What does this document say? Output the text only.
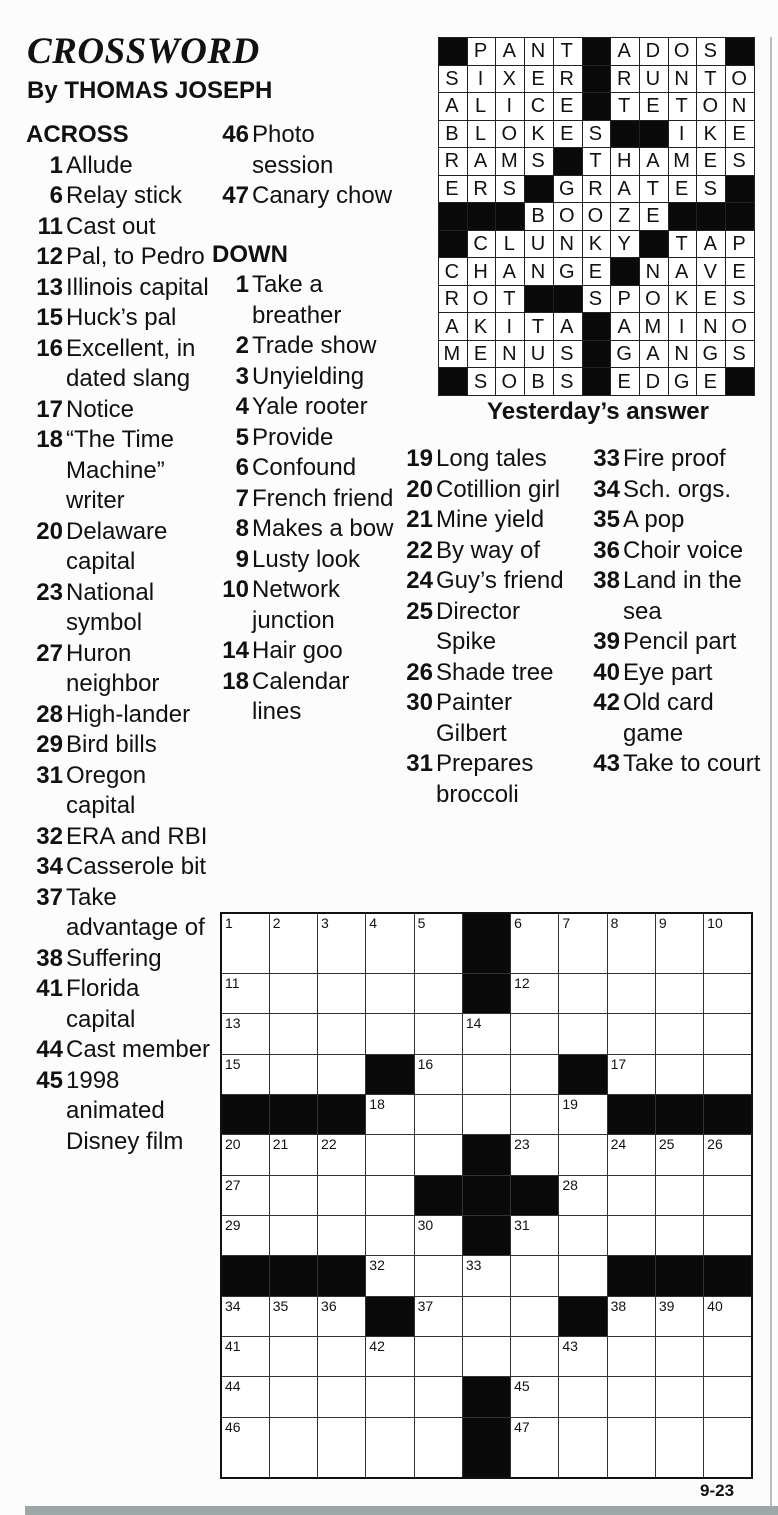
CROSSWORD
By THOMAS JOSEPH
ACROSS
1 Allude
6 Relay stick
11 Cast out
12 Pal, to Pedro
13 Illinois capital
15 Huck’s pal
16 Excellent, in dated slang
17 Notice
18 “The Time Machine” writer
20 Delaware capital
23 National symbol
27 Huron neighbor
28 High-lander
29 Bird bills
31 Oregon capital
32 ERA and RBI
34 Casserole bit
37 Take advantage of
38 Suffering
41 Florida capital
44 Cast member
45 1998 animated Disney film
46 Photo session
47 Canary chow
DOWN
1 Take a breather
2 Trade show
3 Unyielding
4 Yale rooter
5 Provide
6 Confound
7 French friend
8 Makes a bow
9 Lusty look
10 Network junction
14 Hair goo
18 Calendar lines
19 Long tales
20 Cotillion girl
21 Mine yield
22 By way of
24 Guy’s friend
25 Director Spike
26 Shade tree
30 Painter Gilbert
31 Prepares broccoli
33 Fire proof
34 Sch. orgs.
35 A pop
36 Choir voice
38 Land in the sea
39 Pencil part
40 Eye part
42 Old card game
43 Take to court
	P	A	N	T		A	D	O	S	
S	I	X	E	R		R	U	N	T	O
A	L	I	C	E		T	E	T	O	N
B	L	O	K	E	S			I	K	E
R	A	M	S		T	H	A	M	E	S
E	R	S		G	R	A	T	E	S	
			B	O	O	Z	E			
	C	L	U	N	K	Y		T	A	P
C	H	A	N	G	E		N	A	V	E
R	O	T			S	P	O	K	E	S
A	K	I	T	A		A	M	I	N	O
M	E	N	U	S		G	A	N	G	S
	S	O	B	S		E	D	G	E	
Yesterday’s answer
1	2	3	4	5		6	7	8	9	10

11						12				

13					14					

15				16				17		

			18				19			

20	21	22				23		24	25	26

27							28			

29				30		31				

			32		33					

34	35	36		37				38	39	40

41			42				43			

44						45				

46						47				

9-23
